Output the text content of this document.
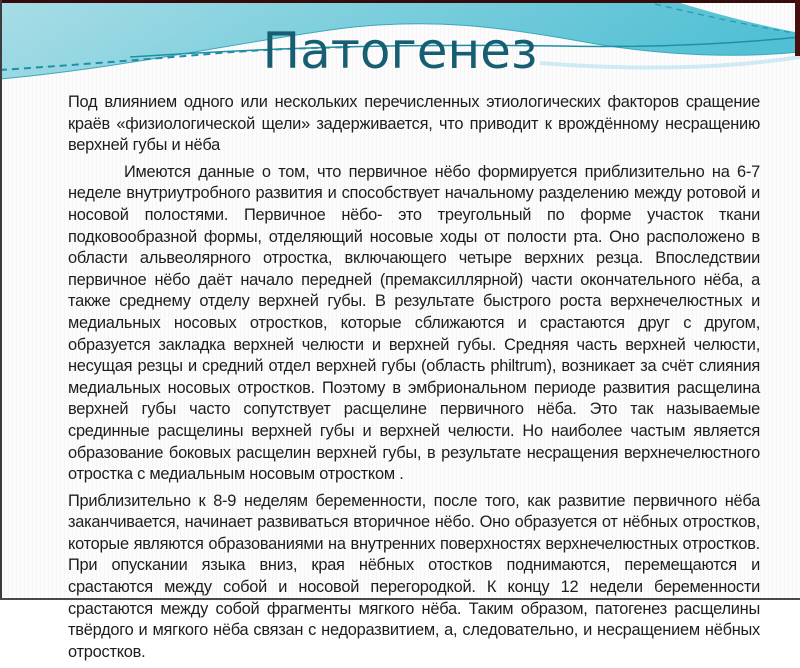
Патогенез

Под влиянием одного или нескольких перечисленных этиологических факторов сращение краёв «физиологической щели» задерживается, что приводит к врождённому несращению верхней губы и нёба

Имеются данные о том, что первичное нёбо формируется приблизительно на 6-7 неделе внутриутробного развития и способствует начальному разделению между ротовой и носовой полостями. Первичное нёбо- это треугольный по форме участок ткани подковообразной формы, отделяющий носовые ходы от полости рта. Оно расположено в области альвеолярного отростка, включающего четыре верхних резца. Впоследствии первичное нёбо даёт начало передней (премаксиллярной) части окончательного нёба, а также среднему отделу верхней губы. В результате быстрого роста верхнечелюстных и медиальных носовых отростков, которые сближаются и срастаются друг с другом, образуется закладка верхней челюсти и верхней губы. Средняя часть верхней челюсти, несущая резцы и средний отдел верхней губы (область philtrum), возникает за счёт слияния медиальных носовых отростков. Поэтому в эмбриональном периоде развития расщелина верхней губы часто сопутствует расщелине первичного нёба. Это так называемые срединные расщелины верхней губы и верхней челюсти. Но наиболее частым является образование боковых расщелин верхней губы, в результате несращения верхнечелюстного отростка с медиальным носовым отростком .

Приблизительно к 8-9 неделям беременности, после того, как развитие первичного нёба заканчивается, начинает развиваться вторичное нёбо. Оно образуется от нёбных отростков, которые являются образованиями на внутренних поверхностях верхнечелюстных отростков. При опускании языка вниз, края нёбных отостков поднимаются, перемещаются и срастаются между собой и носовой перегородкой. К концу 12 недели беременности срастаются между собой фрагменты мягкого нёба. Таким образом, патогенез расщелины твёрдого и мягкого нёба связан с недоразвитием, а, следовательно, и несращением нёбных отростков.
